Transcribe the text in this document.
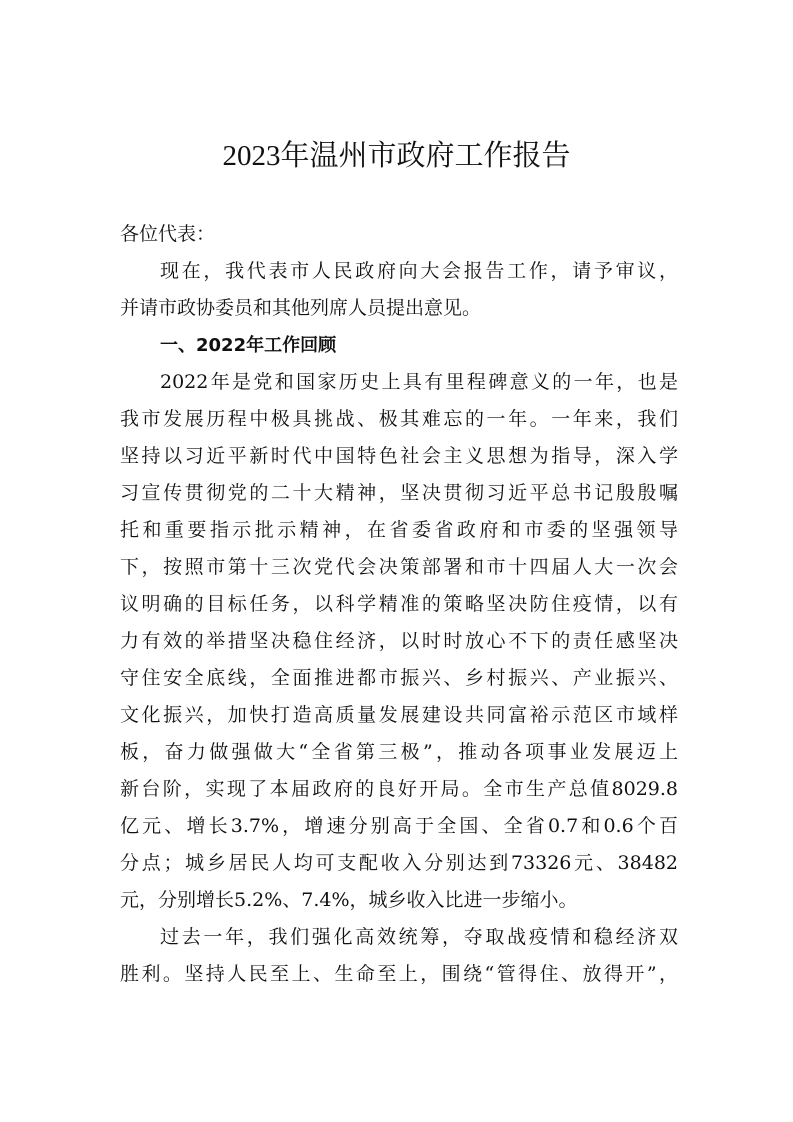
2023年温州市政府工作报告
各位代表：
现在，我代表市人民政府向大会报告工作，请予审议，
并请市政协委员和其他列席人员提出意见。
一、2022年工作回顾
2022年是党和国家历史上具有里程碑意义的一年，也是
我市发展历程中极具挑战、极其难忘的一年。一年来，我们
坚持以习近平新时代中国特色社会主义思想为指导，深入学
习宣传贯彻党的二十大精神，坚决贯彻习近平总书记殷殷嘱
托和重要指示批示精神，在省委省政府和市委的坚强领导
下，按照市第十三次党代会决策部署和市十四届人大一次会
议明确的目标任务，以科学精准的策略坚决防住疫情，以有
力有效的举措坚决稳住经济，以时时放心不下的责任感坚决
守住安全底线，全面推进都市振兴、乡村振兴、产业振兴、
文化振兴，加快打造高质量发展建设共同富裕示范区市域样
板，奋力做强做大“全省第三极”，推动各项事业发展迈上
新台阶，实现了本届政府的良好开局。全市生产总值8029.8
亿元、增长3.7%，增速分别高于全国、全省0.7和0.6个百
分点；城乡居民人均可支配收入分别达到73326元、38482
元，分别增长5.2%、7.4%，城乡收入比进一步缩小。
过去一年，我们强化高效统筹，夺取战疫情和稳经济双
胜利。坚持人民至上、生命至上，围绕“管得住、放得开”，
